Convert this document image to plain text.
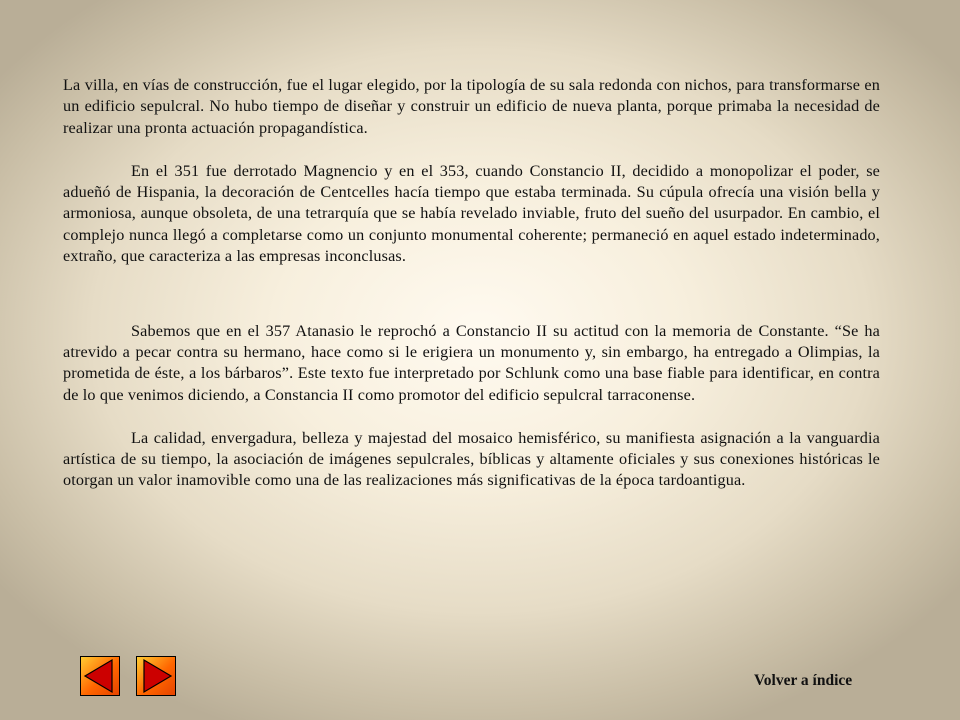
La villa, en vías de construcción, fue el lugar elegido, por la tipología de su sala redonda con nichos, para transformarse en un edificio sepulcral. No hubo tiempo de diseñar y construir un edificio de nueva planta, porque primaba la necesidad de realizar una pronta actuación propagandística.

En el 351 fue derrotado Magnencio y en el 353, cuando Constancio II, decidido a monopolizar el poder, se adueñó de Hispania, la decoración de Centcelles hacía tiempo que estaba terminada. Su cúpula ofrecía una visión bella y armoniosa, aunque obsoleta, de una tetrarquía que se había revelado inviable, fruto del sueño del usurpador. En cambio, el complejo nunca llegó a completarse como un conjunto monumental coherente; permaneció en aquel estado indeterminado, extraño, que caracteriza a las empresas inconclusas.

Sabemos que en el 357 Atanasio le reprochó a Constancio II su actitud con la memoria de Constante. “Se ha atrevido a pecar contra su hermano, hace como si le erigiera un monumento y, sin embargo, ha entregado a Olimpias, la prometida de éste, a los bárbaros”. Este texto fue interpretado por Schlunk como una base fiable para identificar, en contra de lo que venimos diciendo, a Constancia II como promotor del edificio sepulcral tarraconense.

La calidad, envergadura, belleza y majestad del mosaico hemisférico, su manifiesta asignación a la vanguardia artística de su tiempo, la asociación de imágenes sepulcrales, bíblicas y altamente oficiales y sus conexiones históricas le otorgan un valor inamovible como una de las realizaciones más significativas de la época tardoantigua.

Volver a índice
